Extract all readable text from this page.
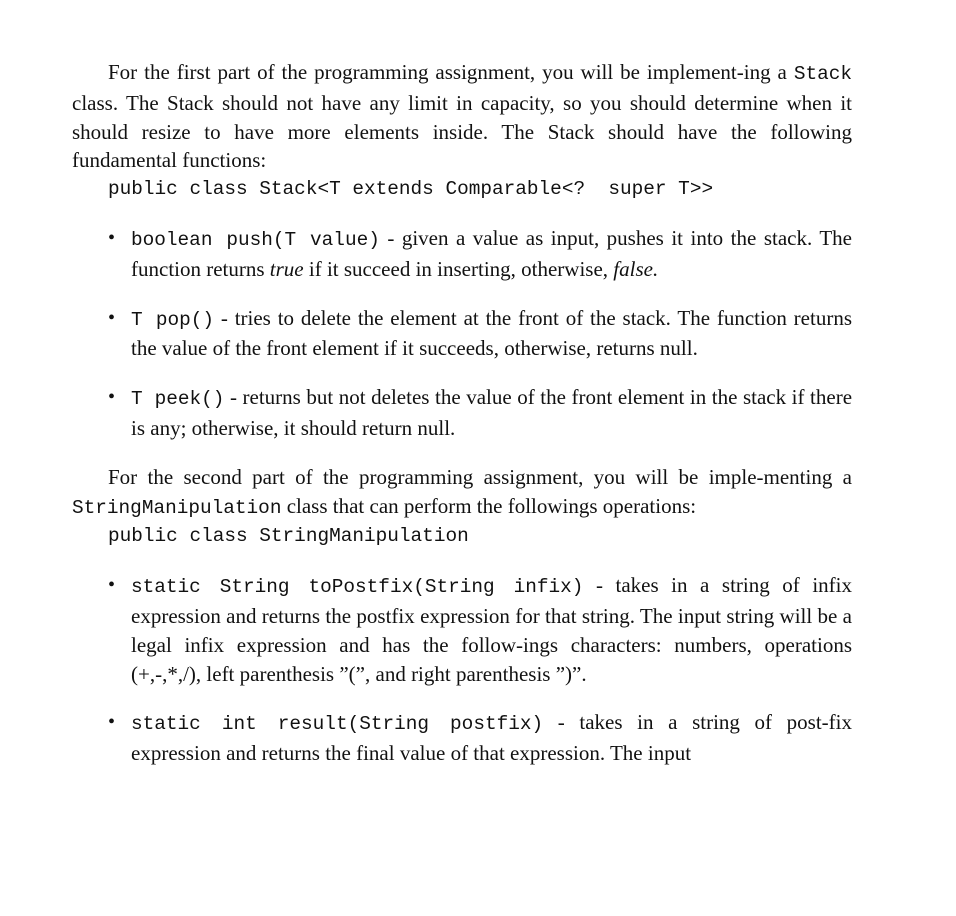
For the first part of the programming assignment, you will be implement-ing a Stack class. The Stack should not have any limit in capacity, so you should determine when it should resize to have more elements inside. The Stack should have the following fundamental functions:

public class Stack<T extends Comparable<?  super T>>
• boolean push(T value) - given a value as input, pushes it into the stack. The function returns true if it succeed in inserting, otherwise, false.
• T pop() - tries to delete the element at the front of the stack. The function returns the value of the front element if it succeeds, otherwise, returns null.
• T peek() - returns but not deletes the value of the front element in the stack if there is any; otherwise, it should return null.

For the second part of the programming assignment, you will be imple-menting a StringManipulation class that can perform the followings operations:

public class StringManipulation
• static String toPostfix(String infix) - takes in a string of infix expression and returns the postfix expression for that string. The input string will be a legal infix expression and has the follow-ings characters: numbers, operations (+,-,*,/), left parenthesis ”(”, and right parenthesis ”)”.
• static int result(String postfix) - takes in a string of post-fix expression and returns the final value of that expression. The input
